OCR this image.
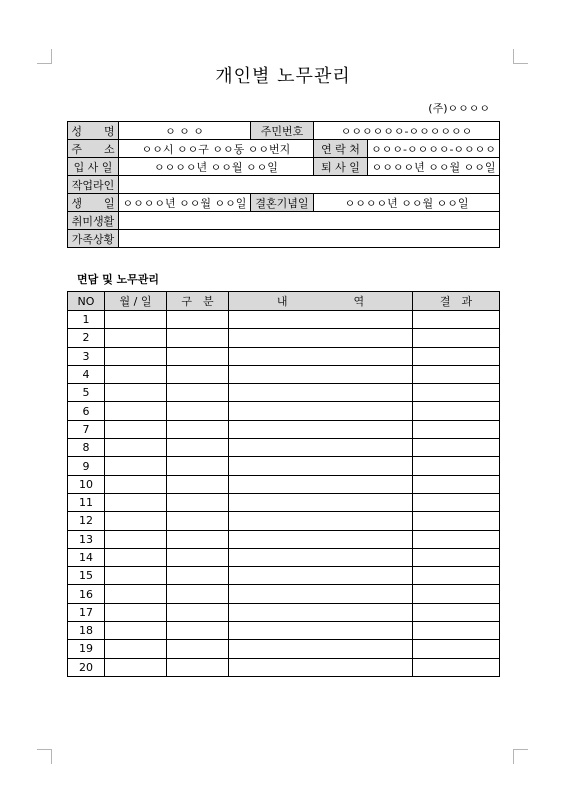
개인별 노무관리
(주)ㅇㅇㅇㅇ
성　　명	ㅇ ㅇ ㅇ	주민번호	ㅇㅇㅇㅇㅇㅇ-ㅇㅇㅇㅇㅇㅇ	
주　　소	ㅇㅇ시 ㅇㅇ구 ㅇㅇ동 ㅇㅇ번지		연 락 처	ㅇㅇㅇ-ㅇㅇㅇㅇ-ㅇㅇㅇㅇ
입 사 일	ㅇㅇㅇㅇ년 ㅇㅇ월 ㅇㅇ일		퇴 사 일	ㅇㅇㅇㅇ년 ㅇㅇ월 ㅇㅇ일
작업라인				
생　　일	ㅇㅇㅇㅇ년 ㅇㅇ월 ㅇㅇ일	결혼기념일	ㅇㅇㅇㅇ년 ㅇㅇ월 ㅇㅇ일	
취미생활				
가족상황				
면담 및 노무관리
NO	월 / 일	구　분	내　　　　　　역	결　과
1				
2				
3				
4				
5				
6				
7				
8				
9				
10				
11				
12				
13				
14				
15				
16				
17				
18				
19				
20				
